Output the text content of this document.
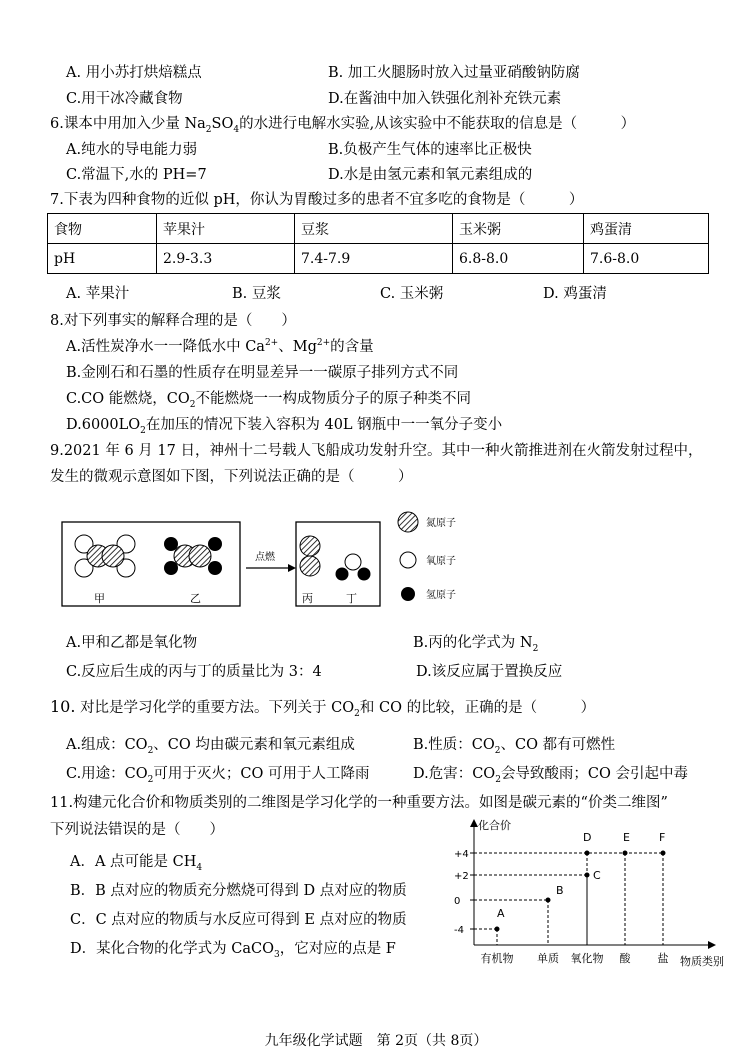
A. 用小苏打烘焙糕点	B. 加工火腿肠时放入过量亚硝酸钠防腐
C.用干冰冷藏食物	D.在酱油中加入铁强化剂补充铁元素
6.课本中用加入少量 $Na_2SO_4$的水进行电解水实验,从该实验中不能获取的信息是（　　　）
A.纯水的导电能力弱	B.负极产生气体的速率比正极快
C.常温下,水的 PH=7	D.水是由氢元素和氧元素组成的
7.下表为四种食物的近似 pH，你认为胃酸过多的患者不宜多吃的食物是（　　　）
食物	苹果汁	豆浆	玉米粥	鸡蛋清
pH	2.9-3.3	7.4-7.9	6.8-8.0	7.6-8.0
A. 苹果汁	B. 豆浆	C. 玉米粥	D. 鸡蛋清
8.对下列事实的解释合理的是（　　）
A.活性炭净水一一降低水中 $Ca^{2+}$、$Mg^{2+}$的含量
B.金刚石和石墨的性质存在明显差异一一碳原子排列方式不同
C.CO 能燃烧，$CO_2$不能燃烧一一构成物质分子的原子种类不同
$D.6000LO_2$在加压的情况下装入容积为 40L 钢瓶中一一氧分子变小
9.2021 年 6 月 17 日，神州十二号载人飞船成功发射升空。其中一种火箭推进剂在火箭发射过程中，
发生的微观示意图如下图，下列说法正确的是（　　　）
甲	乙
点燃
丙	丁
氮原子
氧原子
氢原子
A.甲和乙都是氧化物	B.丙的化学式为 $N_2$
C.反应后生成的丙与丁的质量比为 3：4	D.该反应属于置换反应
10. 对比是学习化学的重要方法。下列关于 $CO_2$和 CO 的比较，正确的是（　　　）
A.组成：$CO_2$、CO 均由碳元素和氧元素组成	B.性质：$CO_2$、CO 都有可燃性
C.用途：$CO_2$可用于灭火；CO 可用于人工降雨	D.危害：$CO_2$会导致酸雨；CO 会引起中毒
11.构建元化合价和物质类别的二维图是学习化学的一种重要方法。如图是碳元素的“价类二维图”
下列说法错误的是（　　）
A．A 点可能是 $CH_4$
B．B 点对应的物质充分燃烧可得到 D 点对应的物质
C．C 点对应的物质与水反应可得到 E 点对应的物质
D．某化合物的化学式为 CaCO$_3$，它对应的点是 F
化合价
物质类别
+4
+2
0
-4
有机物 单质 氧化物 酸 盐
A
B
C
D	E	F
九年级化学试题　第 2页（共 8页）
